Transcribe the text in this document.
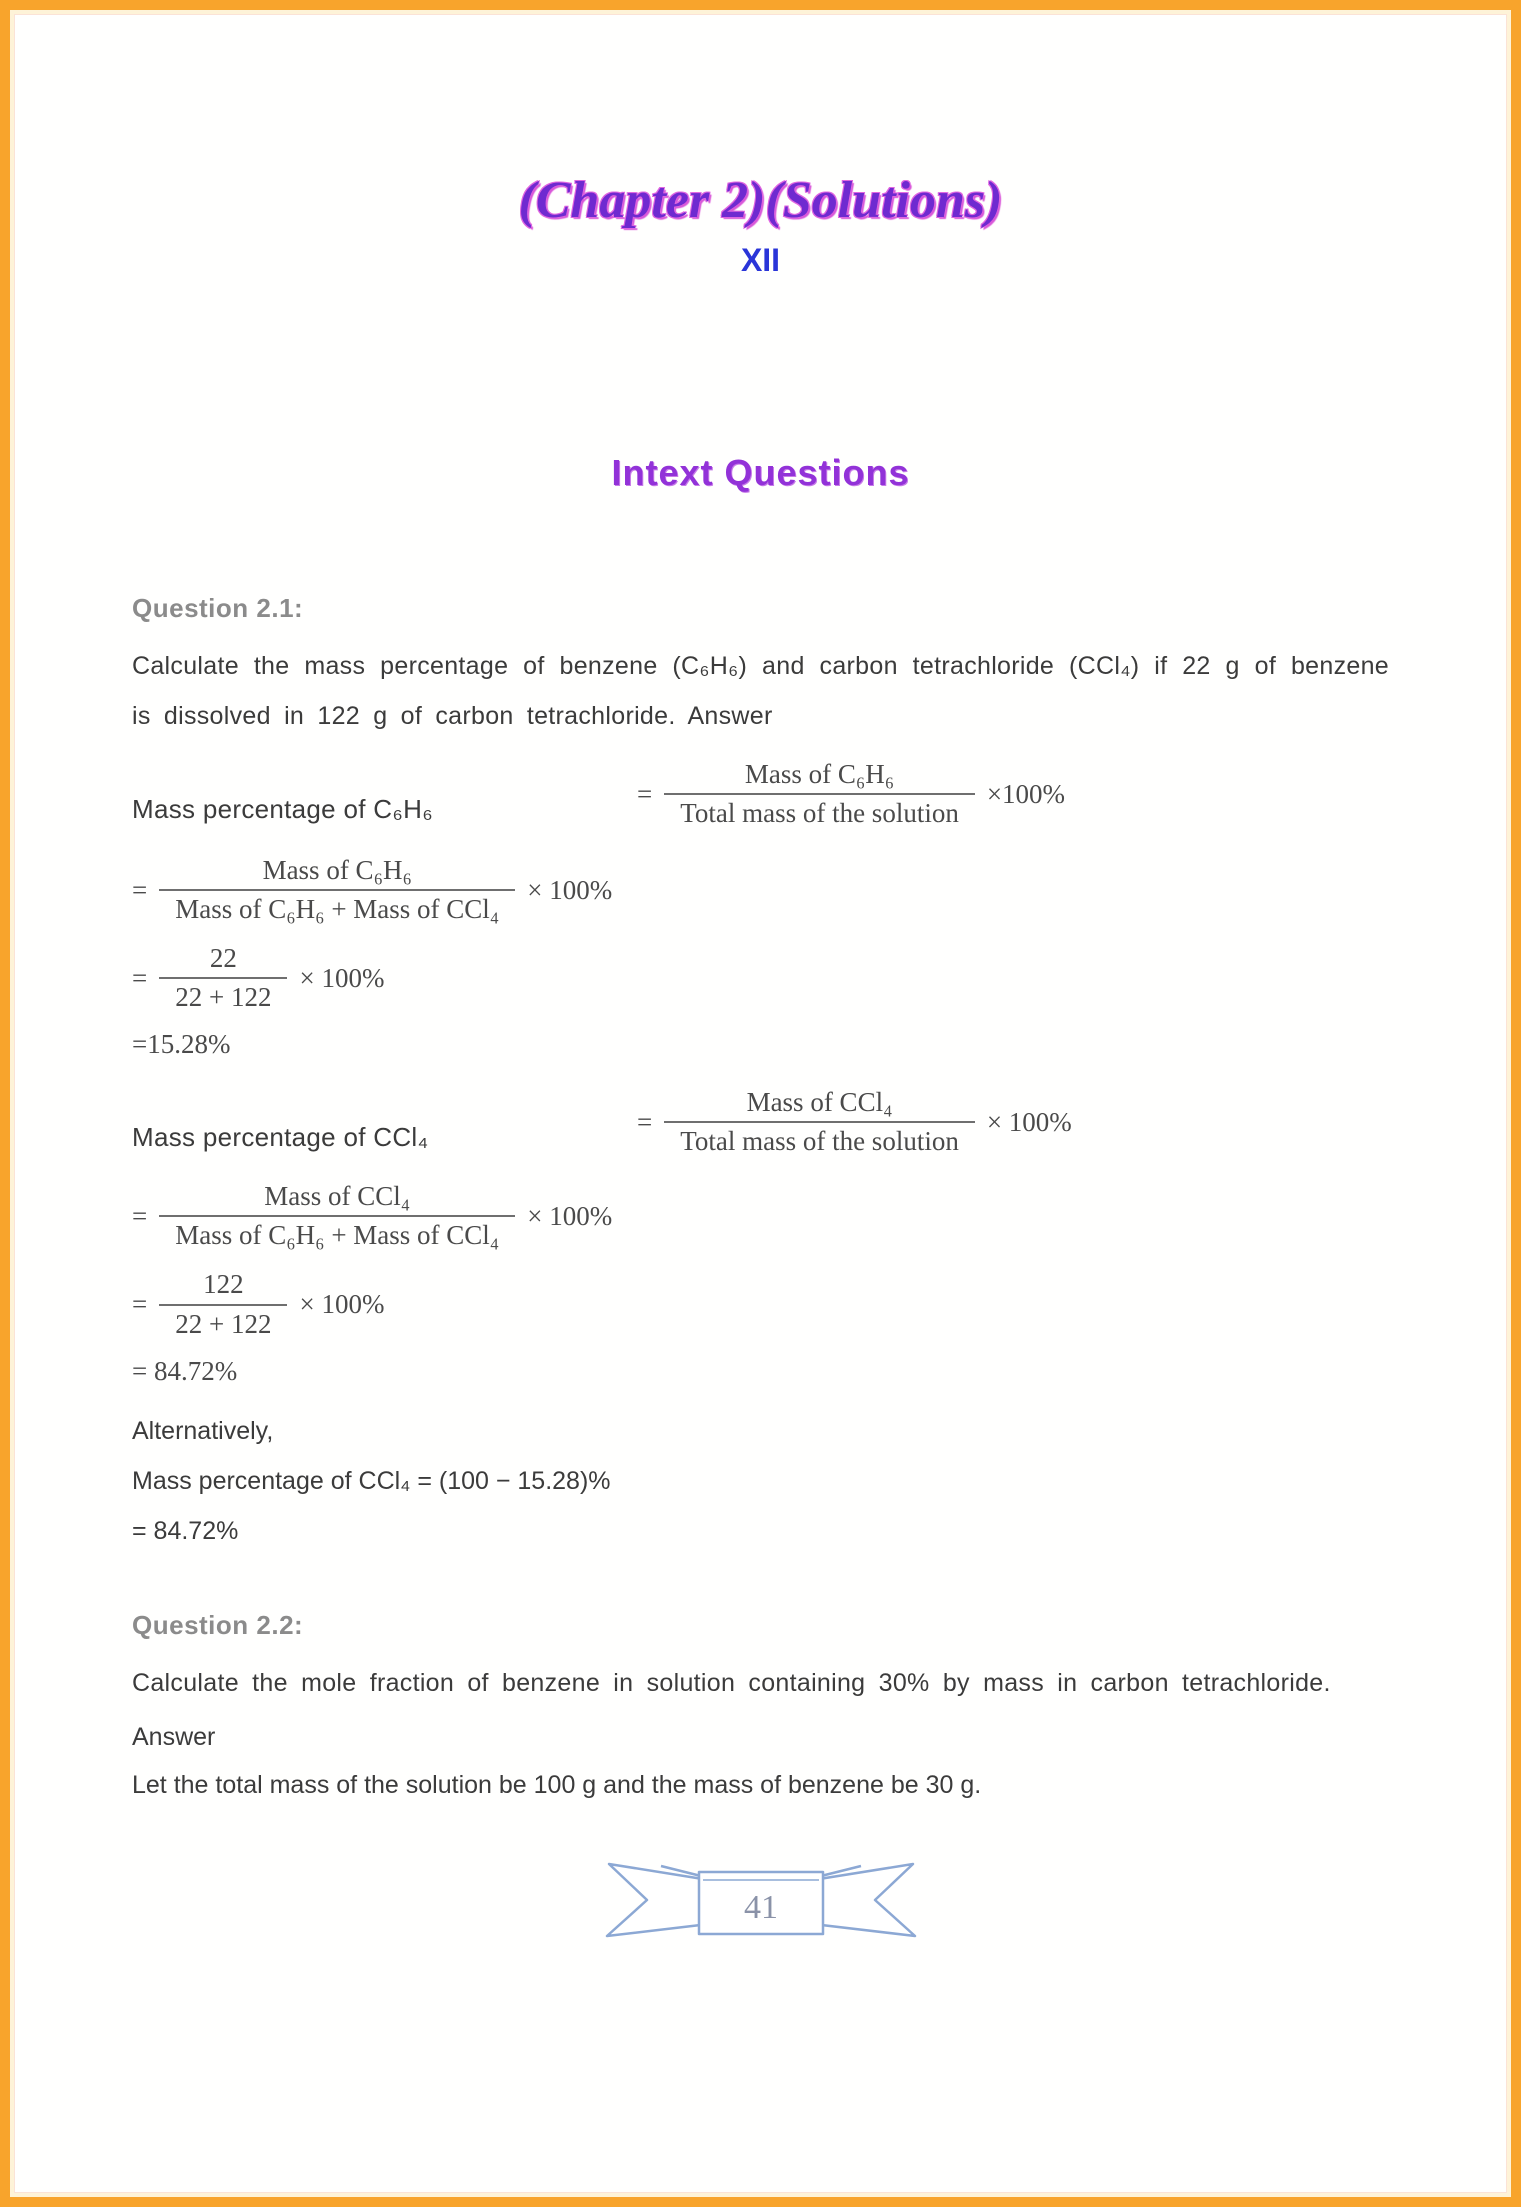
(Chapter 2)(Solutions)
XII
Intext Questions
Question 2.1:
Calculate the mass percentage of benzene (C₆H₆) and carbon tetrachloride (CCl₄) if 22 g of benzene is dissolved in 122 g of carbon tetrachloride. Answer
Mass percentage of C₆H₆
= $\frac{\text{Mass of C₆H₆}}{\text{Total mass of the solution}} \times 100\%$
= $\frac{\text{Mass of C₆H₆}}{\text{Mass of C₆H₆ + Mass of CCl₄}} \times 100\%$
= $\frac{22}{22 + 122} \times 100\%$
=15.28%
Mass percentage of CCl₄
= $\frac{\text{Mass of CCl₄}}{\text{Total mass of the solution}} \times 100\%$
= $\frac{\text{Mass of CCl₄}}{\text{Mass of C₆H₆ + Mass of CCl₄}} \times 100\%$
= $\frac{122}{22 + 122} \times 100\%$
= 84.72%
Alternatively,
Mass percentage of CCl₄ = (100 − 15.28)%
= 84.72%
Question 2.2:
Calculate the mole fraction of benzene in solution containing 30% by mass in carbon tetrachloride.
Answer
Let the total mass of the solution be 100 g and the mass of benzene be 30 g.
41
